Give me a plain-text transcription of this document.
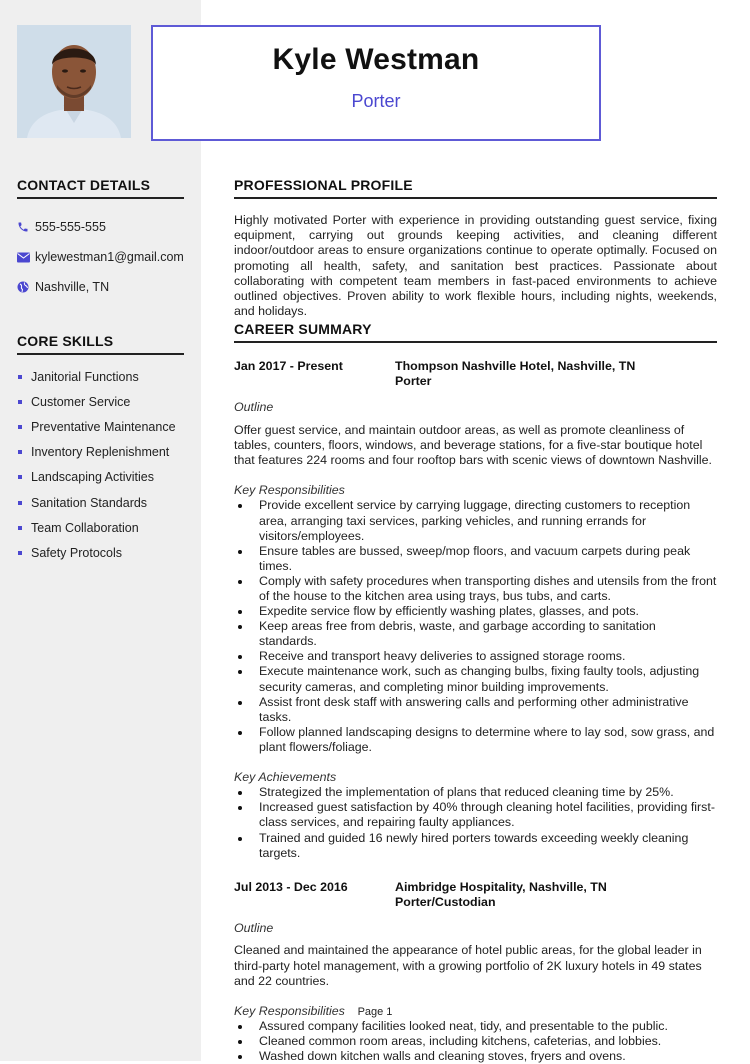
Kyle Westman
Porter
CONTACT DETAILS
555-555-555
kylewestman1@gmail.com
Nashville, TN
CORE SKILLS
Janitorial Functions
Customer Service
Preventative Maintenance
Inventory Replenishment
Landscaping Activities
Sanitation Standards
Team Collaboration
Safety Protocols
PROFESSIONAL PROFILE

Highly motivated Porter with experience in providing outstanding guest service, fixing equipment, carrying out grounds keeping activities, and cleaning different indoor/outdoor areas to ensure organizations continue to operate optimally. Focused on promoting all health, safety, and sanitation best practices. Passionate about collaborating with competent team members in fast-paced environments to achieve outlined objectives. Proven ability to work flexible hours, including nights, weekends, and holidays.

CAREER SUMMARY
Jan 2017 - Present	Thompson Nashville Hotel, Nashville, TN
Porter
Outline

Offer guest service, and maintain outdoor areas, as well as promote cleanliness of tables, counters, floors, windows, and beverage stations, for a five-star boutique hotel that features 224 rooms and four rooftop bars with scenic views of downtown Nashville.

Key Responsibilities
Provide excellent service by carrying luggage, directing customers to reception area, arranging taxi services, parking vehicles, and running errands for visitors/employees.
Ensure tables are bussed, sweep/mop floors, and vacuum carpets during peak times.
Comply with safety procedures when transporting dishes and utensils from the front of the house to the kitchen area using trays, bus tubs, and carts.
Expedite service flow by efficiently washing plates, glasses, and pots.
Keep areas free from debris, waste, and garbage according to sanitation standards.
Receive and transport heavy deliveries to assigned storage rooms.
Execute maintenance work, such as changing bulbs, fixing faulty tools, adjusting security cameras, and completing minor building improvements.
Assist front desk staff with answering calls and performing other administrative tasks.
Follow planned landscaping designs to determine where to lay sod, sow grass, and plant flowers/foliage.
Key Achievements
Strategized the implementation of plans that reduced cleaning time by 25%.
Increased guest satisfaction by 40% through cleaning hotel facilities, providing first-class services, and repairing faulty appliances.
Trained and guided 16 newly hired porters towards exceeding weekly cleaning targets.
Jul 2013 - Dec 2016	Aimbridge Hospitality, Nashville, TN
Porter/Custodian
Outline

Cleaned and maintained the appearance of hotel public areas, for the global leader in third-party hotel management, with a growing portfolio of 2K luxury hotels in 49 states and 22 countries.

Key Responsibilities
Assured company facilities looked neat, tidy, and presentable to the public.
Cleaned common room areas, including kitchens, cafeterias, and lobbies.
Washed down kitchen walls and cleaning stoves, fryers and ovens.
Page 1
